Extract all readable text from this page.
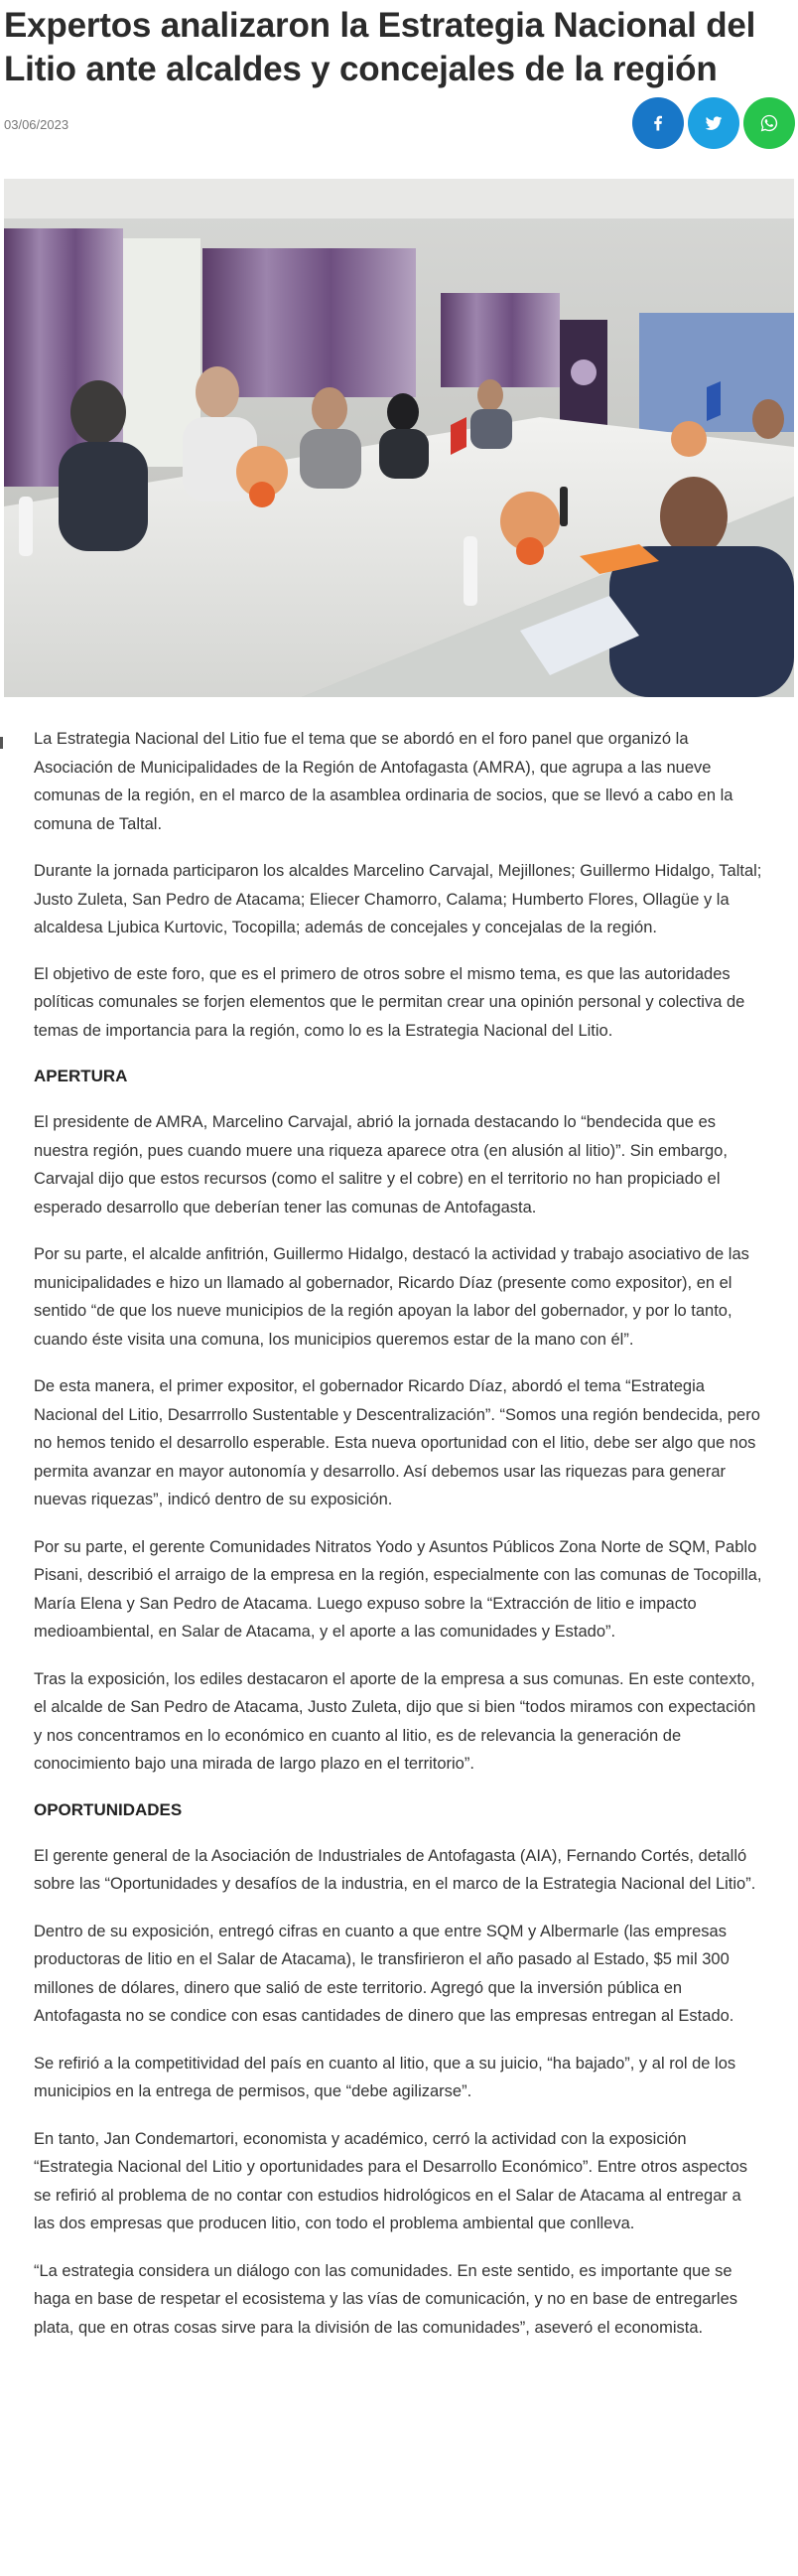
Expertos analizaron la Estrategia Nacional del Litio ante alcaldes y concejales de la región
03/06/2023

La Estrategia Nacional del Litio fue el tema que se abordó en el foro panel que organizó la Asociación de Municipalidades de la Región de Antofagasta (AMRA), que agrupa a las nueve comunas de la región, en el marco de la asamblea ordinaria de socios, que se llevó a cabo en la comuna de Taltal.

Durante la jornada participaron los alcaldes Marcelino Carvajal, Mejillones; Guillermo Hidalgo, Taltal; Justo Zuleta, San Pedro de Atacama; Eliecer Chamorro, Calama; Humberto Flores, Ollagüe y la alcaldesa Ljubica Kurtovic, Tocopilla; además de concejales y concejalas de la región.

El objetivo de este foro, que es el primero de otros sobre el mismo tema, es que las autoridades políticas comunales se forjen elementos que le permitan crear una opinión personal y colectiva de temas de importancia para la región, como lo es la Estrategia Nacional del Litio.

APERTURA

El presidente de AMRA, Marcelino Carvajal, abrió la jornada destacando lo “bendecida que es nuestra región, pues cuando muere una riqueza aparece otra (en alusión al litio)”. Sin embargo, Carvajal dijo que estos recursos (como el salitre y el cobre) en el territorio no han propiciado el esperado desarrollo que deberían tener las comunas de Antofagasta.

Por su parte, el alcalde anfitrión, Guillermo Hidalgo, destacó la actividad y trabajo asociativo de las municipalidades e hizo un llamado al gobernador, Ricardo Díaz (presente como expositor), en el sentido “de que los nueve municipios de la región apoyan la labor del gobernador, y por lo tanto, cuando éste visita una comuna, los municipios queremos estar de la mano con él”.

De esta manera, el primer expositor, el gobernador Ricardo Díaz, abordó el tema “Estrategia Nacional del Litio, Desarrrollo Sustentable y Descentralización”. “Somos una región bendecida, pero no hemos tenido el desarrollo esperable. Esta nueva oportunidad con el litio, debe ser algo que nos permita avanzar en mayor autonomía y desarrollo. Así debemos usar las riquezas para generar nuevas riquezas”, indicó dentro de su exposición.

Por su parte, el gerente Comunidades Nitratos Yodo y Asuntos Públicos Zona Norte de SQM, Pablo Pisani, describió el arraigo de la empresa en la región, especialmente con las comunas de Tocopilla, María Elena y San Pedro de Atacama. Luego expuso sobre la “Extracción de litio e impacto medioambiental, en Salar de Atacama, y el aporte a las comunidades y Estado”.

Tras la exposición, los ediles destacaron el aporte de la empresa a sus comunas. En este contexto, el alcalde de San Pedro de Atacama, Justo Zuleta, dijo que si bien “todos miramos con expectación y nos concentramos en lo económico en cuanto al litio, es de relevancia la generación de conocimiento bajo una mirada de largo plazo en el territorio”.

OPORTUNIDADES

El gerente general de la Asociación de Industriales de Antofagasta (AIA), Fernando Cortés, detalló sobre las “Oportunidades y desafíos de la industria, en el marco de la Estrategia Nacional del Litio”.

Dentro de su exposición, entregó cifras en cuanto a que entre SQM y Albermarle (las empresas productoras de litio en el Salar de Atacama), le transfirieron el año pasado al Estado, $5 mil 300 millones de dólares, dinero que salió de este territorio. Agregó que la inversión pública en Antofagasta no se condice con esas cantidades de dinero que las empresas entregan al Estado.

Se refirió a la competitividad del país en cuanto al litio, que a su juicio, “ha bajado”, y al rol de los municipios en la entrega de permisos, que “debe agilizarse”.

En tanto, Jan Condemartori, economista y académico, cerró la actividad con la exposición “Estrategia Nacional del Litio y oportunidades para el Desarrollo Económico”. Entre otros aspectos se refirió al problema de no contar con estudios hidrológicos en el Salar de Atacama al entregar a las dos empresas que producen litio, con todo el problema ambiental que conlleva.

“La estrategia considera un diálogo con las comunidades. En este sentido, es importante que se haga en base de respetar el ecosistema y las vías de comunicación, y no en base de entregarles plata, que en otras cosas sirve para la división de las comunidades”, aseveró el economista.
